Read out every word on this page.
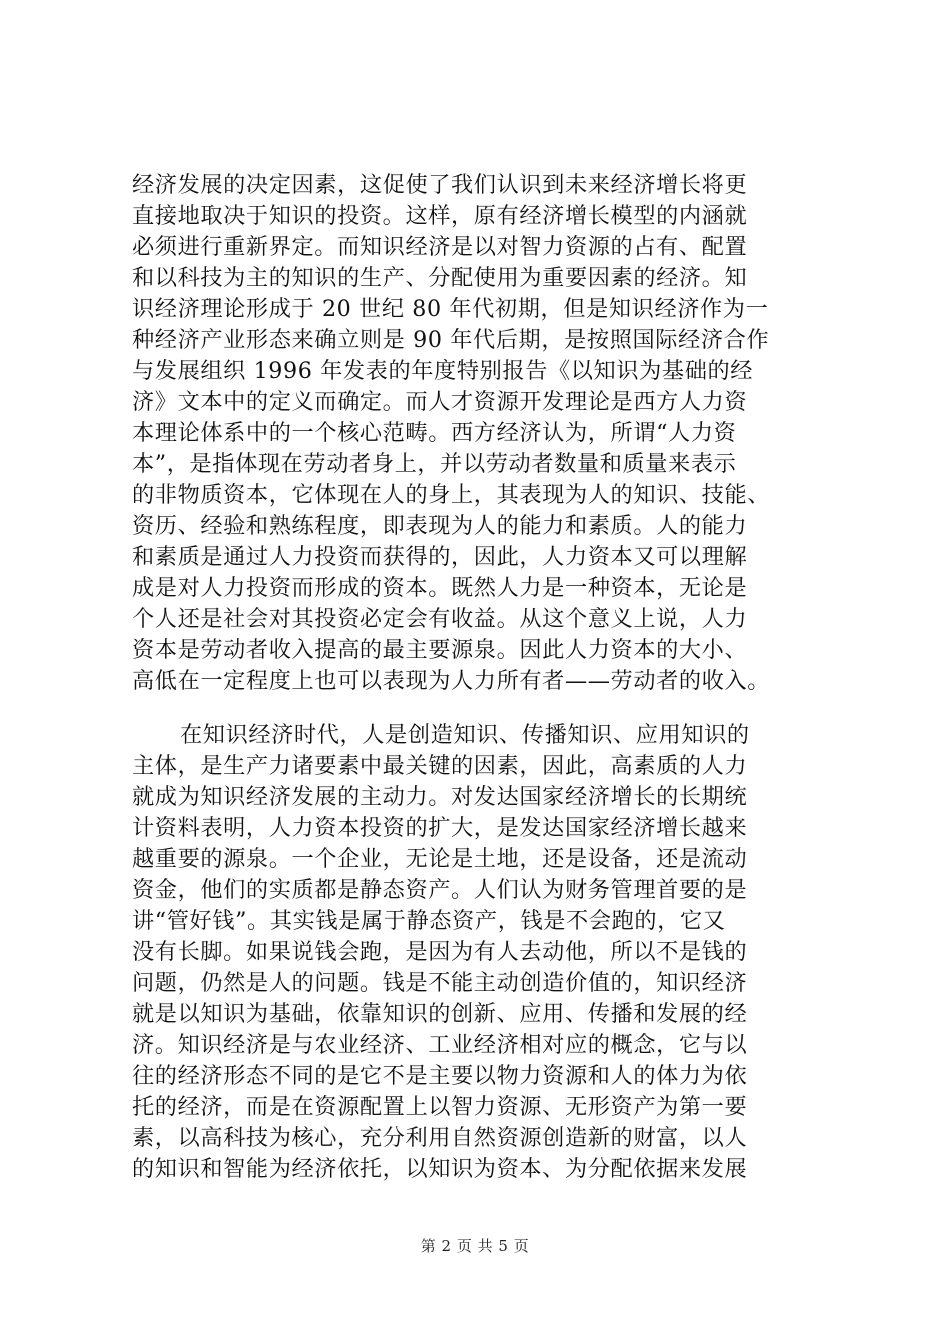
经济发展的决定因素，这促使了我们认识到未来经济增长将更
直接地取决于知识的投资。这样，原有经济增长模型的内涵就
必须进行重新界定。而知识经济是以对智力资源的占有、配置
和以科技为主的知识的生产、分配使用为重要因素的经济。知
识经济理论形成于 20 世纪 80 年代初期，但是知识经济作为一
种经济产业形态来确立则是 90 年代后期，是按照国际经济合作
与发展组织 1996 年发表的年度特别报告《以知识为基础的经
济》文本中的定义而确定。而人才资源开发理论是西方人力资
本理论体系中的一个核心范畴。西方经济认为，所谓“人力资
本”，是指体现在劳动者身上，并以劳动者数量和质量来表示
的非物质资本，它体现在人的身上，其表现为人的知识、技能、
资历、经验和熟练程度，即表现为人的能力和素质。人的能力
和素质是通过人力投资而获得的，因此，人力资本又可以理解
成是对人力投资而形成的资本。既然人力是一种资本，无论是
个人还是社会对其投资必定会有收益。从这个意义上说，人力
资本是劳动者收入提高的最主要源泉。因此人力资本的大小、
高低在一定程度上也可以表现为人力所有者——劳动者的收入。
在知识经济时代，人是创造知识、传播知识、应用知识的
主体，是生产力诸要素中最关键的因素，因此，高素质的人力
就成为知识经济发展的主动力。对发达国家经济增长的长期统
计资料表明，人力资本投资的扩大，是发达国家经济增长越来
越重要的源泉。一个企业，无论是土地，还是设备，还是流动
资金，他们的实质都是静态资产。人们认为财务管理首要的是
讲“管好钱”。其实钱是属于静态资产，钱是不会跑的，它又
没有长脚。如果说钱会跑，是因为有人去动他，所以不是钱的
问题，仍然是人的问题。钱是不能主动创造价值的，知识经济
就是以知识为基础，依靠知识的创新、应用、传播和发展的经
济。知识经济是与农业经济、工业经济相对应的概念，它与以
往的经济形态不同的是它不是主要以物力资源和人的体力为依
托的经济，而是在资源配置上以智力资源、无形资产为第一要
素，以高科技为核心，充分利用自然资源创造新的财富，以人
的知识和智能为经济依托，以知识为资本、为分配依据来发展
第 2 页 共 5 页
